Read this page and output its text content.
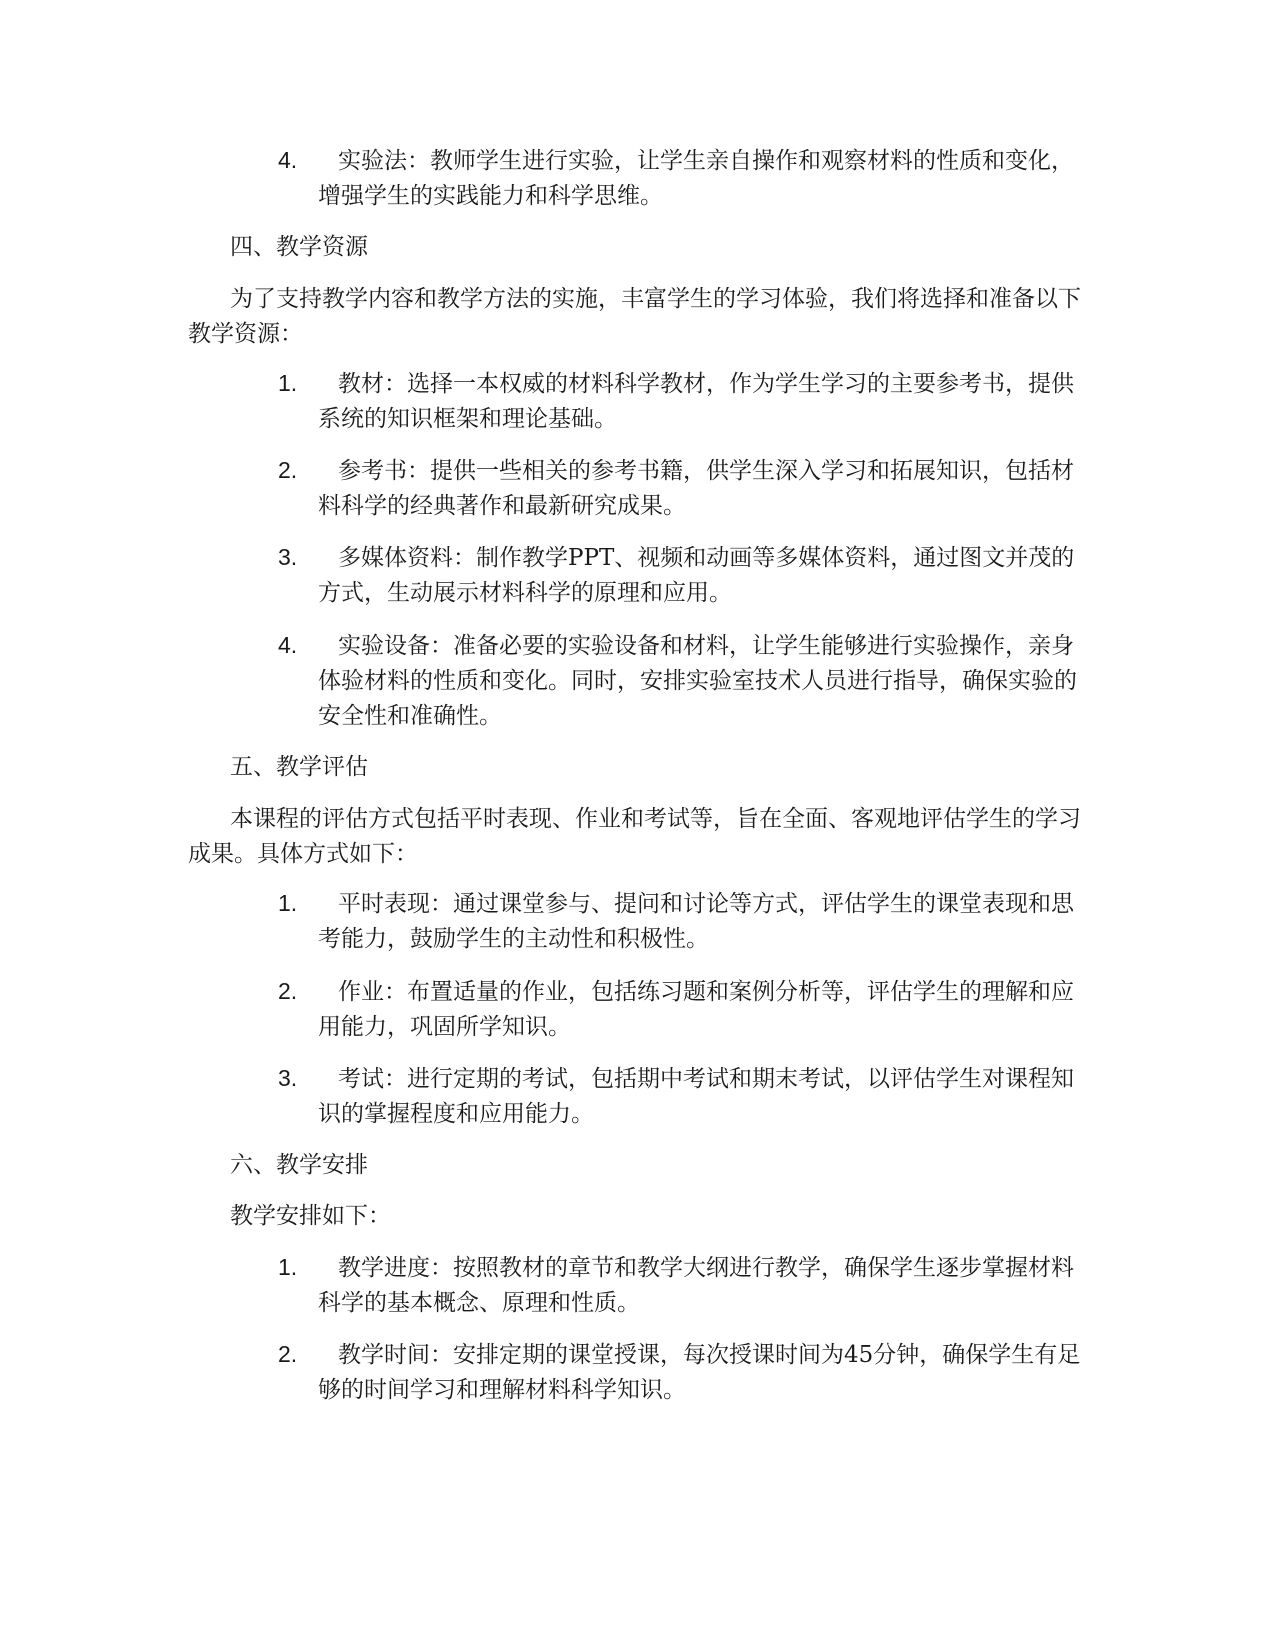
4. 实验法：教师学生进行实验，让学生亲自操作和观察材料的性质和变化，增强学生的实践能力和科学思维。
四、教学资源
为了支持教学内容和教学方法的实施，丰富学生的学习体验，我们将选择和准备以下教学资源：
1. 教材：选择一本权威的材料科学教材，作为学生学习的主要参考书，提供系统的知识框架和理论基础。
2. 参考书：提供一些相关的参考书籍，供学生深入学习和拓展知识，包括材料科学的经典著作和最新研究成果。
3. 多媒体资料：制作教学PPT、视频和动画等多媒体资料，通过图文并茂的方式，生动展示材料科学的原理和应用。
4. 实验设备：准备必要的实验设备和材料，让学生能够进行实验操作，亲身体验材料的性质和变化。同时，安排实验室技术人员进行指导，确保实验的安全性和准确性。
五、教学评估
本课程的评估方式包括平时表现、作业和考试等，旨在全面、客观地评估学生的学习成果。具体方式如下：
1. 平时表现：通过课堂参与、提问和讨论等方式，评估学生的课堂表现和思考能力，鼓励学生的主动性和积极性。
2. 作业：布置适量的作业，包括练习题和案例分析等，评估学生的理解和应用能力，巩固所学知识。
3. 考试：进行定期的考试，包括期中考试和期末考试，以评估学生对课程知识的掌握程度和应用能力。
六、教学安排
教学安排如下：
1. 教学进度：按照教材的章节和教学大纲进行教学，确保学生逐步掌握材料科学的基本概念、原理和性质。
2. 教学时间：安排定期的课堂授课，每次授课时间为45分钟，确保学生有足够的时间学习和理解材料科学知识。
